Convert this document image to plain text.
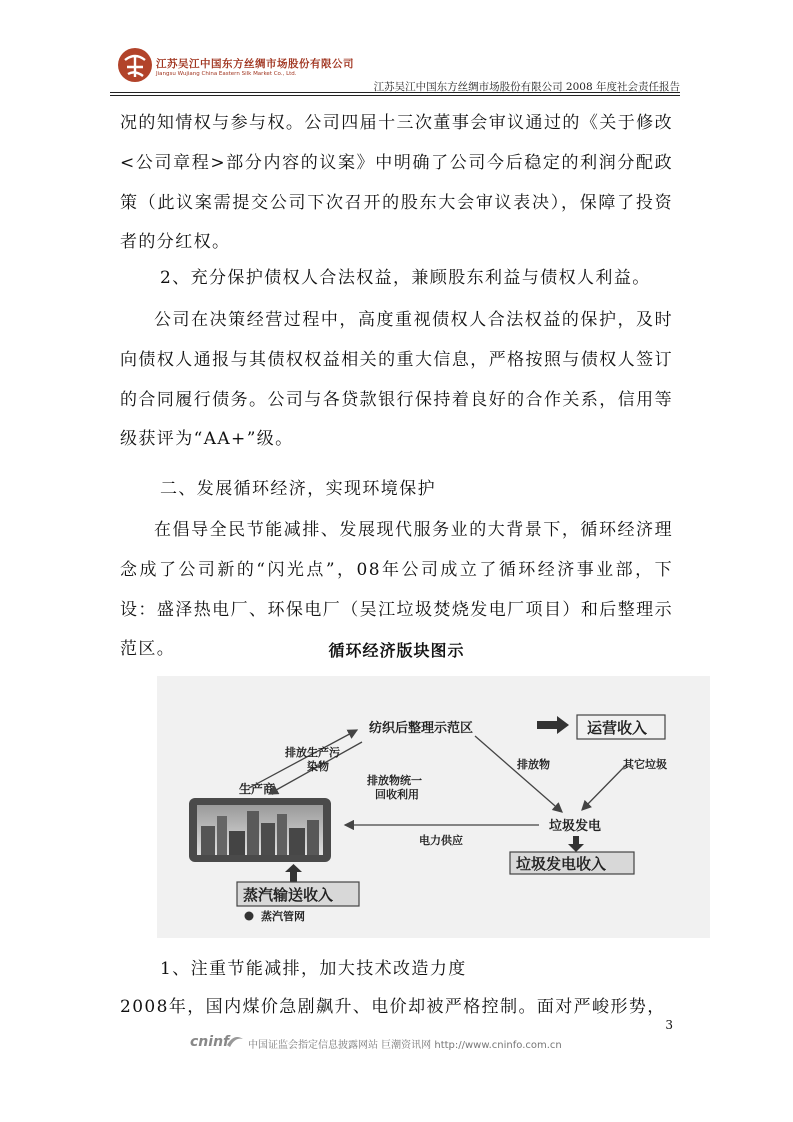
江苏吴江中国东方丝绸市场股份有限公司
Jiangsu Wujiang China Eastern Silk Market Co., Ltd.
江苏吴江中国东方丝绸市场股份有限公司 2008 年度社会责任报告

况的知情权与参与权。公司四届十三次董事会审议通过的《关于修改<公司章程>部分内容的议案》中明确了公司今后稳定的利润分配政策（此议案需提交公司下次召开的股东大会审议表决），保障了投资者的分红权。

2、充分保护债权人合法权益，兼顾股东利益与债权人利益。

公司在决策经营过程中，高度重视债权人合法权益的保护，及时向债权人通报与其债权权益相关的重大信息，严格按照与债权人签订的合同履行债务。公司与各贷款银行保持着良好的合作关系，信用等级获评为“AA+”级。

二、发展循环经济，实现环境保护

在倡导全民节能减排、发展现代服务业的大背景下，循环经济理念成了公司新的“闪光点”，08年公司成立了循环经济事业部，下设：盛泽热电厂、环保电厂（吴江垃圾焚烧发电厂项目）和后整理示范区。	循环经济版块图示
纺织后整理示范区	运营收入
生产商
排放生产污
染物
排放物统一
回收利用
排放物	其它垃圾
垃圾发电
电力供应
垃圾发电收入
蒸汽输送收入
蒸汽管网

1、注重节能减排，加大技术改造力度

2008年，国内煤价急剧飙升、电价却被严格控制。面对严峻形势，

3
cninf 中国证监会指定信息披露网站 巨潮资讯网 http://www.cninfo.com.cn
